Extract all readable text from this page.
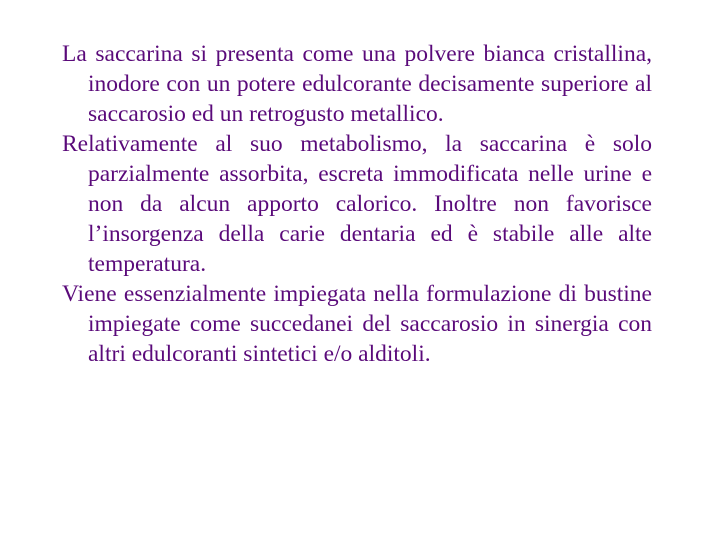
La saccarina si presenta come una polvere bianca cristallina, inodore con un potere edulcorante decisamente superiore al saccarosio ed un retrogusto metallico.

Relativamente al suo metabolismo, la saccarina è solo parzialmente assorbita, escreta immodificata nelle urine e non da alcun apporto calorico. Inoltre non favorisce l’insorgenza della carie dentaria ed è stabile alle alte temperatura.

Viene essenzialmente impiegata nella formulazione di bustine impiegate come succedanei del saccarosio in sinergia con altri edulcoranti sintetici e/o alditoli.
